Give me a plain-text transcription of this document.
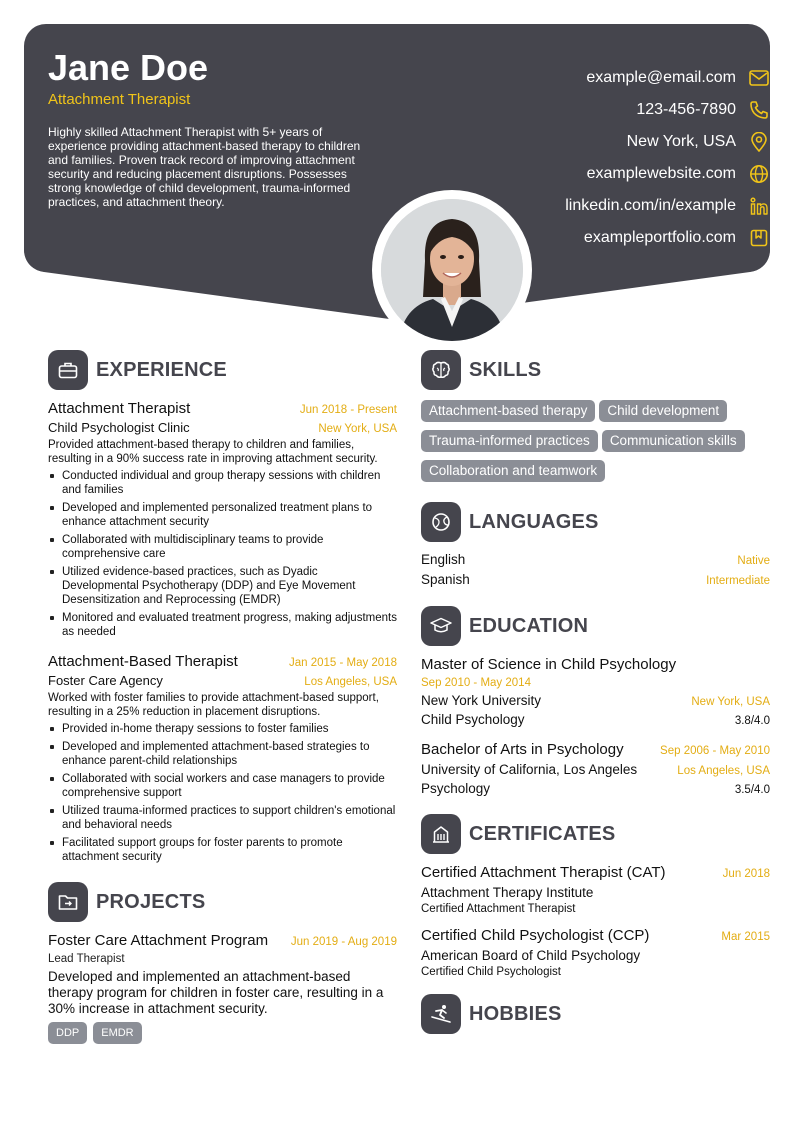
Jane Doe
Attachment Therapist
Highly skilled Attachment Therapist with 5+ years of experience providing attachment-based therapy to children and families. Proven track record of improving attachment security and reducing placement disruptions. Possesses strong knowledge of child development, trauma-informed practices, and attachment theory.
example@email.com
123-456-7890
New York, USA
examplewebsite.com
linkedin.com/in/example
exampleportfolio.com
EXPERIENCE
Attachment Therapist	Jun 2018 - Present
Child Psychologist Clinic	New York, USA
Provided attachment-based therapy to children and families, resulting in a 90% success rate in improving attachment security.
Conducted individual and group therapy sessions with children and families
Developed and implemented personalized treatment plans to enhance attachment security
Collaborated with multidisciplinary teams to provide comprehensive care
Utilized evidence-based practices, such as Dyadic Developmental Psychotherapy (DDP) and Eye Movement Desensitization and Reprocessing (EMDR)
Monitored and evaluated treatment progress, making adjustments as needed
Attachment-Based Therapist	Jan 2015 - May 2018
Foster Care Agency	Los Angeles, USA
Worked with foster families to provide attachment-based support, resulting in a 25% reduction in placement disruptions.
Provided in-home therapy sessions to foster families
Developed and implemented attachment-based strategies to enhance parent-child relationships
Collaborated with social workers and case managers to provide comprehensive support
Utilized trauma-informed practices to support children's emotional and behavioral needs
Facilitated support groups for foster parents to promote attachment security
PROJECTS
Foster Care Attachment Program Jun 2019 - Aug 2019
Lead Therapist
Developed and implemented an attachment-based therapy program for children in foster care, resulting in a 30% increase in attachment security.
DDP EMDR
SKILLS
Attachment-based therapy Child developmentTrauma-informed practices Communication skillsCollaboration and teamwork
LANGUAGES
English	Native
Spanish	Intermediate
EDUCATION
Master of Science in Child Psychology
Sep 2010 - May 2014
New York University	New York, USA
Child Psychology	3.8/4.0
Bachelor of Arts in Psychology	Sep 2006 - May 2010
University of California, Los Angeles	Los Angeles, USA
Psychology	3.5/4.0
CERTIFICATES
Certified Attachment Therapist (CAT)	Jun 2018
Attachment Therapy Institute
Certified Attachment Therapist
Certified Child Psychologist (CCP)	Mar 2015
American Board of Child Psychology
Certified Child Psychologist
HOBBIES
